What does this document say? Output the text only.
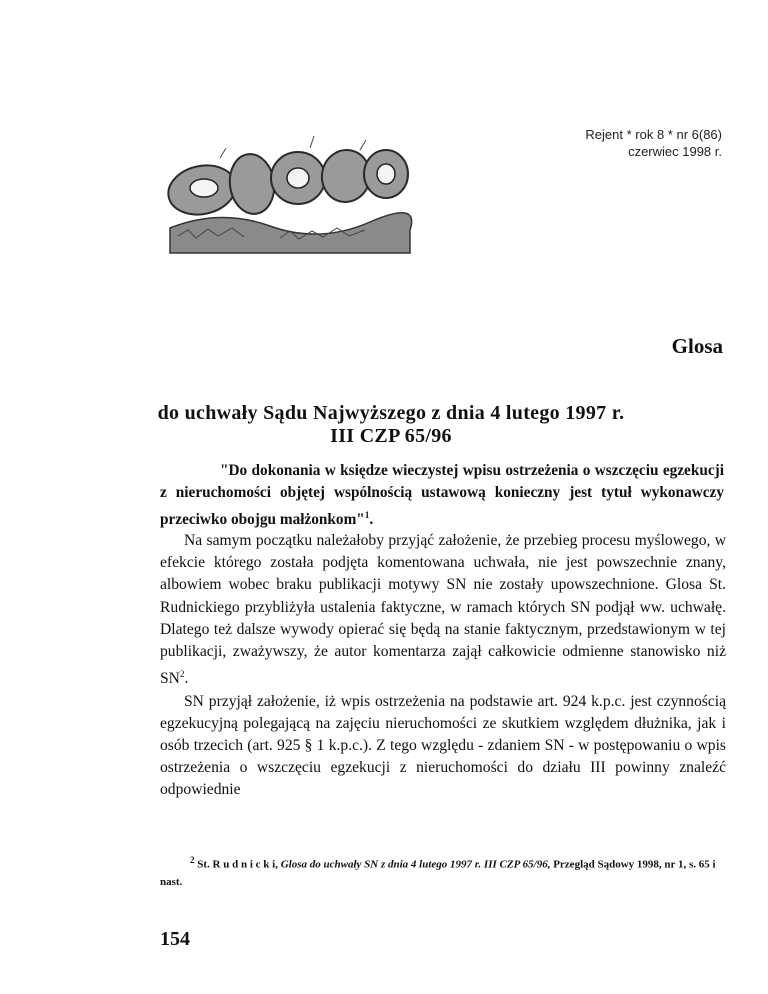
Rejent * rok 8 * nr 6(86)
czerwiec 1998 r.
Glosa
do uchwały Sądu Najwyższego z dnia 4 lutego 1997 r.
III CZP 65/96
"Do dokonania w księdze wieczystej wpisu ostrzeżenia o wszczęciu egzekucji z nieruchomości objętej wspólnością ustawową konieczny jest tytuł wykonawczy przeciwko obojgu małżonkom"$^1$.

Na samym początku należałoby przyjąć założenie, że przebieg procesu myślowego, w efekcie którego została podjęta komentowana uchwała, nie jest powszechnie znany, albowiem wobec braku publikacji motywy SN nie zostały upowszechnione. Glosa St. Rudnickiego przybliżyła ustalenia faktyczne, w ramach których SN podjął ww. uchwałę. Dlatego też dalsze wywody opierać się będą na stanie faktycznym, przedstawionym w tej publikacji, zważywszy, że autor komentarza zajął całkowicie odmienne stanowisko niż $SN^2$.

SN przyjął założenie, iż wpis ostrzeżenia na podstawie art. 924 k.p.c. jest czynnością egzekucyjną polegającą na zajęciu nieruchomości ze skutkiem względem dłużnika, jak i osób trzecich (art. 925 § 1 k.p.c.). Z tego względu - zdaniem SN - w postępowaniu o wpis ostrzeżenia o wszczęciu egzekucji z nieruchomości do działu III powinny znaleźć odpowiednie

$^2$ St. R u d n i c k i, Glosa do uchwały SN z dnia 4 lutego 1997 r. III CZP 65/96, Przegląd Sądowy 1998, nr 1, s. 65 i nast.
154
